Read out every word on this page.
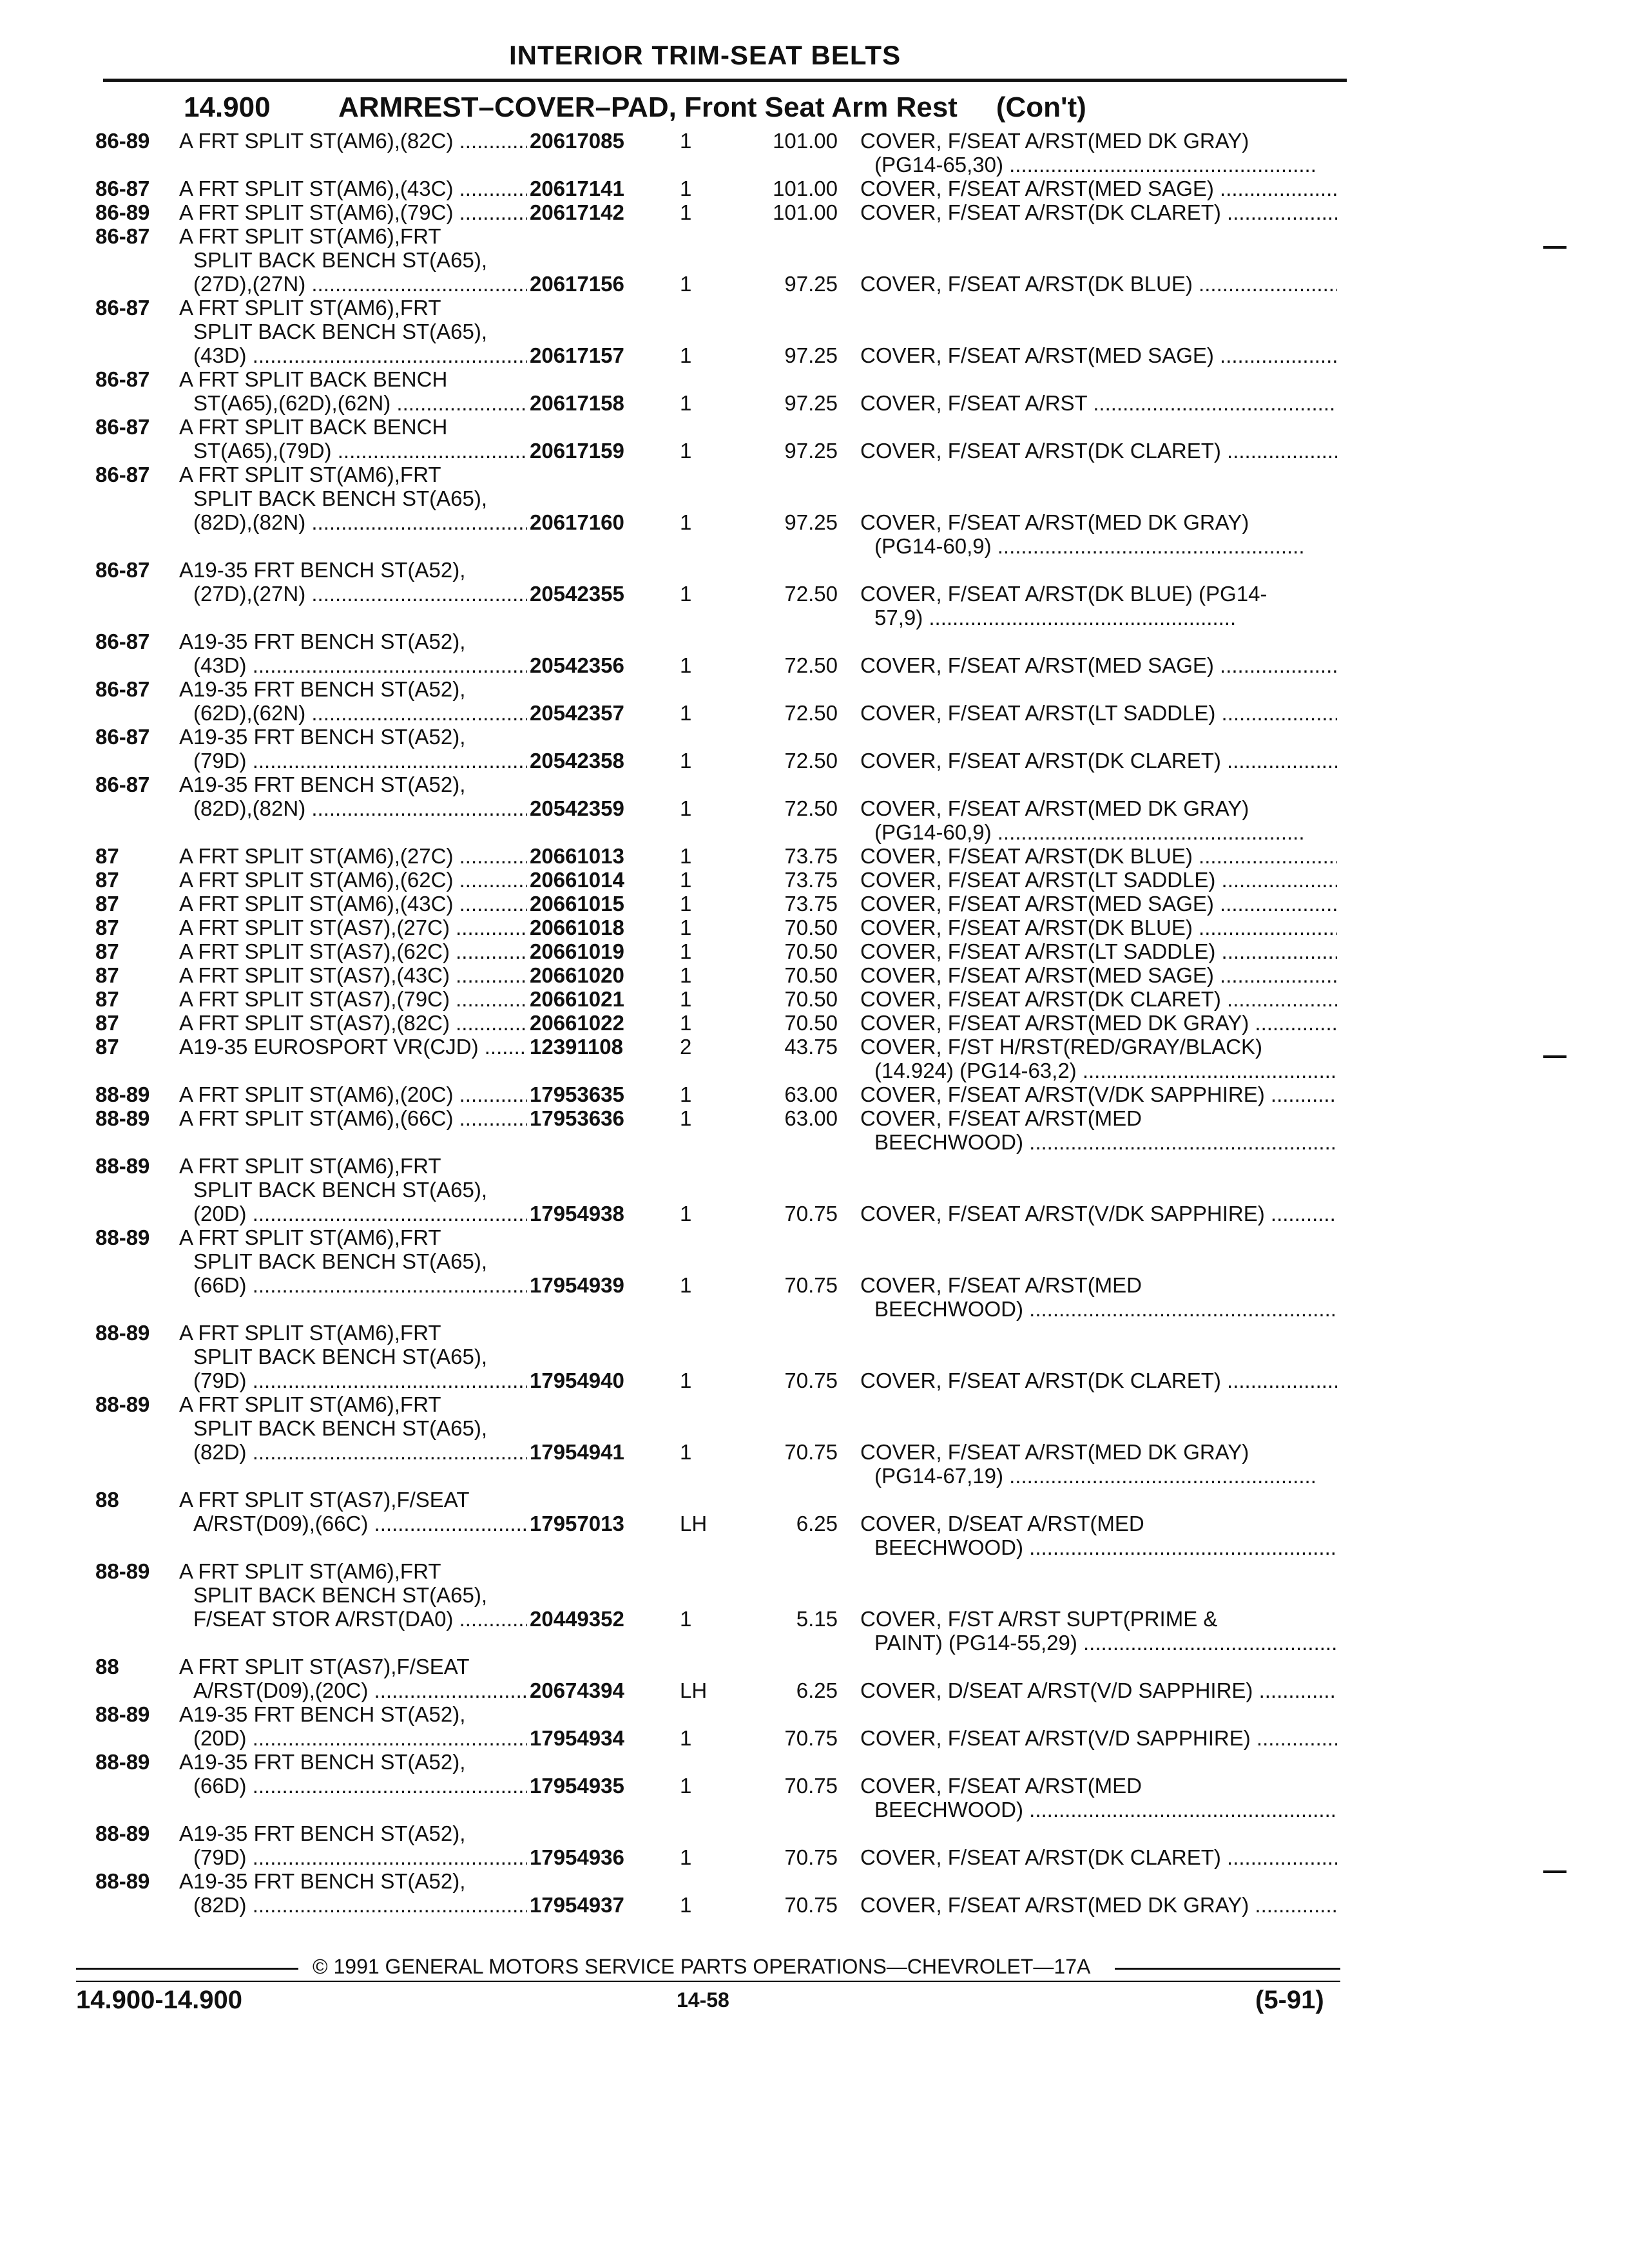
INTERIOR TRIM-SEAT BELTS
14.900 ARMREST–COVER–PAD, Front Seat Arm Rest (Con't)
86-89 A FRT SPLIT ST(AM6),(82C) .....	20617085	1	101.00 COVER, F/SEAT A/RST(MED DK GRAY)
(PG14-65,30) .....
86-87 A FRT SPLIT ST(AM6),(43C) .....	20617141	1	101.00 COVER, F/SEAT A/RST(MED SAGE) .....
86-89 A FRT SPLIT ST(AM6),(79C) .....	20617142	1	101.00 COVER, F/SEAT A/RST(DK CLARET) .....
86-87 A FRT SPLIT ST(AM6),FRT
SPLIT BACK BENCH ST(A65),
(27D),(27N) .....	20617156	1	97.25 COVER, F/SEAT A/RST(DK BLUE) .....
86-87 A FRT SPLIT ST(AM6),FRT
SPLIT BACK BENCH ST(A65),
(43D) .....	20617157	1	97.25 COVER, F/SEAT A/RST(MED SAGE) .....
86-87 A FRT SPLIT BACK BENCH
ST(A65),(62D),(62N) .....	20617158	1	97.25 COVER, F/SEAT A/RST .....
86-87 A FRT SPLIT BACK BENCH
ST(A65),(79D) .....	20617159	1	97.25 COVER, F/SEAT A/RST(DK CLARET) .....
86-87 A FRT SPLIT ST(AM6),FRT
SPLIT BACK BENCH ST(A65),
(82D),(82N) .....	20617160	1	97.25 COVER, F/SEAT A/RST(MED DK GRAY)
(PG14-60,9) .....
86-87 A19-35 FRT BENCH ST(A52),
(27D),(27N) .....	20542355	1	72.50 COVER, F/SEAT A/RST(DK BLUE) (PG14-
57,9) .....
86-87 A19-35 FRT BENCH ST(A52),
(43D) .....	20542356	1	72.50 COVER, F/SEAT A/RST(MED SAGE) .....
86-87 A19-35 FRT BENCH ST(A52),
(62D),(62N) .....	20542357	1	72.50 COVER, F/SEAT A/RST(LT SADDLE) .....
86-87 A19-35 FRT BENCH ST(A52),
(79D) .....	20542358	1	72.50 COVER, F/SEAT A/RST(DK CLARET) .....
86-87 A19-35 FRT BENCH ST(A52),
(82D),(82N) .....	20542359	1	72.50 COVER, F/SEAT A/RST(MED DK GRAY)
(PG14-60,9) .....
87	A FRT SPLIT ST(AM6),(27C) .....	20661013	1	73.75 COVER, F/SEAT A/RST(DK BLUE) .....
87	A FRT SPLIT ST(AM6),(62C) .....	20661014	1	73.75 COVER, F/SEAT A/RST(LT SADDLE) .....
87	A FRT SPLIT ST(AM6),(43C) .....	20661015	1	73.75 COVER, F/SEAT A/RST(MED SAGE) .....
87	A FRT SPLIT ST(AS7),(27C) .....	20661018	1	70.50 COVER, F/SEAT A/RST(DK BLUE) .....
87	A FRT SPLIT ST(AS7),(62C) .....	20661019	1	70.50 COVER, F/SEAT A/RST(LT SADDLE) .....
87	A FRT SPLIT ST(AS7),(43C) .....	20661020	1	70.50 COVER, F/SEAT A/RST(MED SAGE) .....
87	A FRT SPLIT ST(AS7),(79C) .....	20661021	1	70.50 COVER, F/SEAT A/RST(DK CLARET) .....
87	A FRT SPLIT ST(AS7),(82C) .....	20661022	1	70.50 COVER, F/SEAT A/RST(MED DK GRAY) .....
87	A19-35 EUROSPORT VR(CJD) .....	12391108	2	43.75 COVER, F/ST H/RST(RED/GRAY/BLACK)
(14.924) (PG14-63,2) .....
88-89 A FRT SPLIT ST(AM6),(20C) .....	17953635	1	63.00 COVER, F/SEAT A/RST(V/DK SAPPHIRE) .....
88-89 A FRT SPLIT ST(AM6),(66C) .....	17953636	1	63.00 COVER, F/SEAT A/RST(MED
BEECHWOOD) .....
88-89 A FRT SPLIT ST(AM6),FRT
SPLIT BACK BENCH ST(A65),
(20D) .....	17954938	1	70.75 COVER, F/SEAT A/RST(V/DK SAPPHIRE) .....
88-89 A FRT SPLIT ST(AM6),FRT
SPLIT BACK BENCH ST(A65),
(66D) .....	17954939	1	70.75 COVER, F/SEAT A/RST(MED
BEECHWOOD) .....
88-89 A FRT SPLIT ST(AM6),FRT
SPLIT BACK BENCH ST(A65),
(79D) .....	17954940	1	70.75 COVER, F/SEAT A/RST(DK CLARET) .....
88-89 A FRT SPLIT ST(AM6),FRT
SPLIT BACK BENCH ST(A65),
(82D) .....	17954941	1	70.75 COVER, F/SEAT A/RST(MED DK GRAY)
(PG14-67,19) .....
88	A FRT SPLIT ST(AS7),F/SEAT
A/RST(D09),(66C) .....	17957013	LH	6.25 COVER, D/SEAT A/RST(MED
BEECHWOOD) .....
88-89 A FRT SPLIT ST(AM6),FRT
SPLIT BACK BENCH ST(A65),
F/SEAT STOR A/RST(DA0) .....	20449352	1	5.15 COVER, F/ST A/RST SUPT(PRIME &
PAINT) (PG14-55,29) .....
88	A FRT SPLIT ST(AS7),F/SEAT
A/RST(D09),(20C) .....	20674394	LH	6.25 COVER, D/SEAT A/RST(V/D SAPPHIRE) .....
88-89 A19-35 FRT BENCH ST(A52),
(20D) .....	17954934	1	70.75 COVER, F/SEAT A/RST(V/D SAPPHIRE) .....
88-89 A19-35 FRT BENCH ST(A52),
(66D) .....	17954935	1	70.75 COVER, F/SEAT A/RST(MED
BEECHWOOD) .....
88-89 A19-35 FRT BENCH ST(A52),
(79D) .....	17954936	1	70.75 COVER, F/SEAT A/RST(DK CLARET) .....
88-89 A19-35 FRT BENCH ST(A52),
(82D) .....	17954937	1	70.75 COVER, F/SEAT A/RST(MED DK GRAY) .....
© 1991 GENERAL MOTORS SERVICE PARTS OPERATIONS—CHEVROLET—17A
14.900-14.900	14-58	(5-91)
